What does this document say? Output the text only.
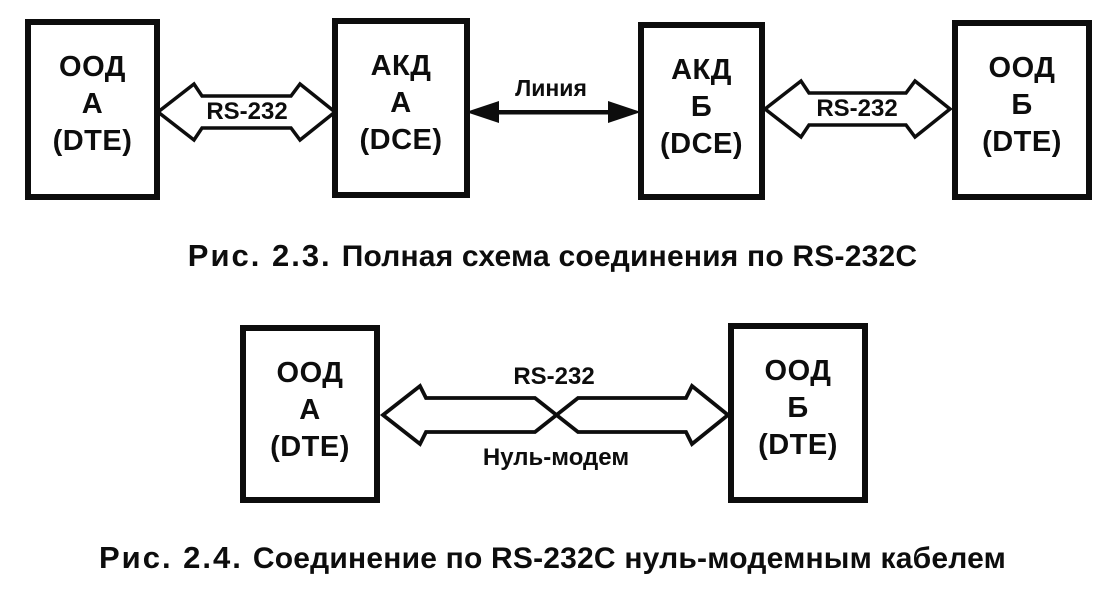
ООД
А
(DTE)
АКД
А
(DCE)
АКД
Б
(DCE)
ООД
Б
(DTE)
RS-232
Линия
RS-232
Рис. 2.3. Полная схема соединения по RS-232C
ООД
А
(DTE)
ООД
Б
(DTE)
RS-232
Нуль-модем
Рис. 2.4. Соединение по RS-232C нуль-модемным кабелем
